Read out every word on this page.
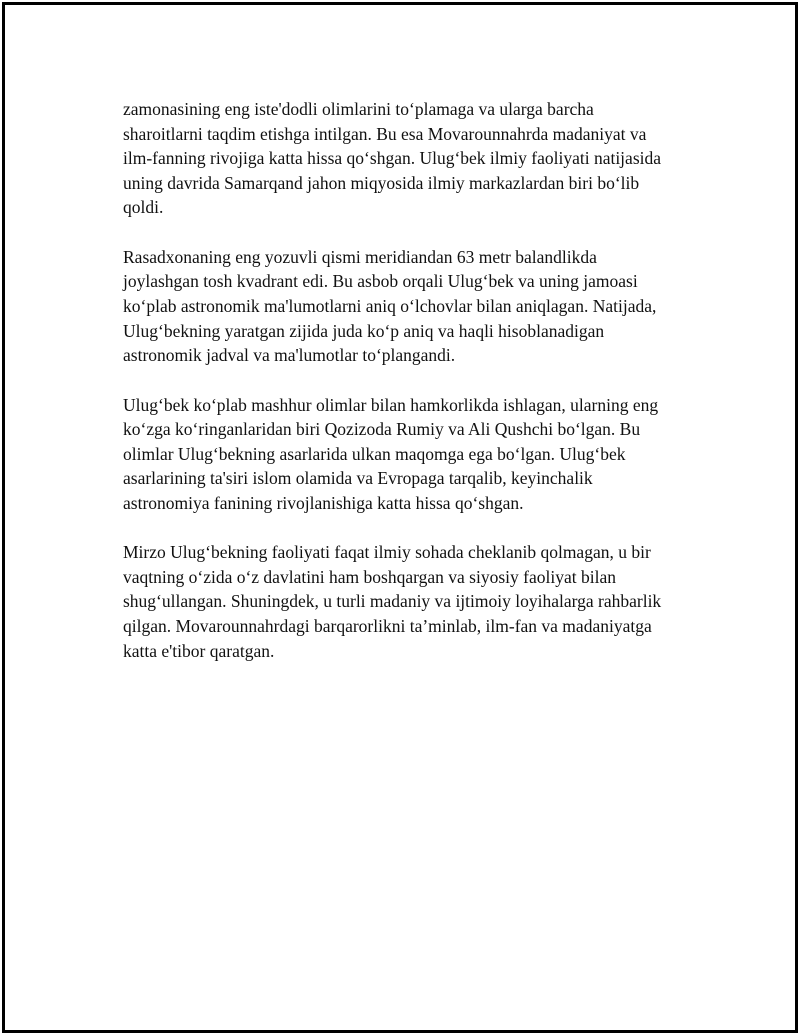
zamonasining eng iste'dodli olimlarini to‘plamaga va ularga barcha
sharoitlarni taqdim etishga intilgan. Bu esa Movarounnahrda madaniyat va
ilm-fanning rivojiga katta hissa qo‘shgan. Ulug‘bek ilmiy faoliyati natijasida
uning davrida Samarqand jahon miqyosida ilmiy markazlardan biri bo‘lib
qoldi.

Rasadxonaning eng yozuvli qismi meridiandan 63 metr balandlikda
joylashgan tosh kvadrant edi. Bu asbob orqali Ulug‘bek va uning jamoasi
ko‘plab astronomik ma'lumotlarni aniq o‘lchovlar bilan aniqlagan. Natijada,
Ulug‘bekning yaratgan zijida juda ko‘p aniq va haqli hisoblanadigan
astronomik jadval va ma'lumotlar to‘plangandi.

Ulug‘bek ko‘plab mashhur olimlar bilan hamkorlikda ishlagan, ularning eng
ko‘zga ko‘ringanlaridan biri Qozizoda Rumiy va Ali Qushchi bo‘lgan. Bu
olimlar Ulug‘bekning asarlarida ulkan maqomga ega bo‘lgan. Ulug‘bek
asarlarining ta'siri islom olamida va Evropaga tarqalib, keyinchalik
astronomiya fanining rivojlanishiga katta hissa qo‘shgan.

Mirzo Ulug‘bekning faoliyati faqat ilmiy sohada cheklanib qolmagan, u bir
vaqtning o‘zida o‘z davlatini ham boshqargan va siyosiy faoliyat bilan
shug‘ullangan. Shuningdek, u turli madaniy va ijtimoiy loyihalarga rahbarlik
qilgan. Movarounnahrdagi barqarorlikni ta’minlab, ilm-fan va madaniyatga
katta e'tibor qaratgan.
